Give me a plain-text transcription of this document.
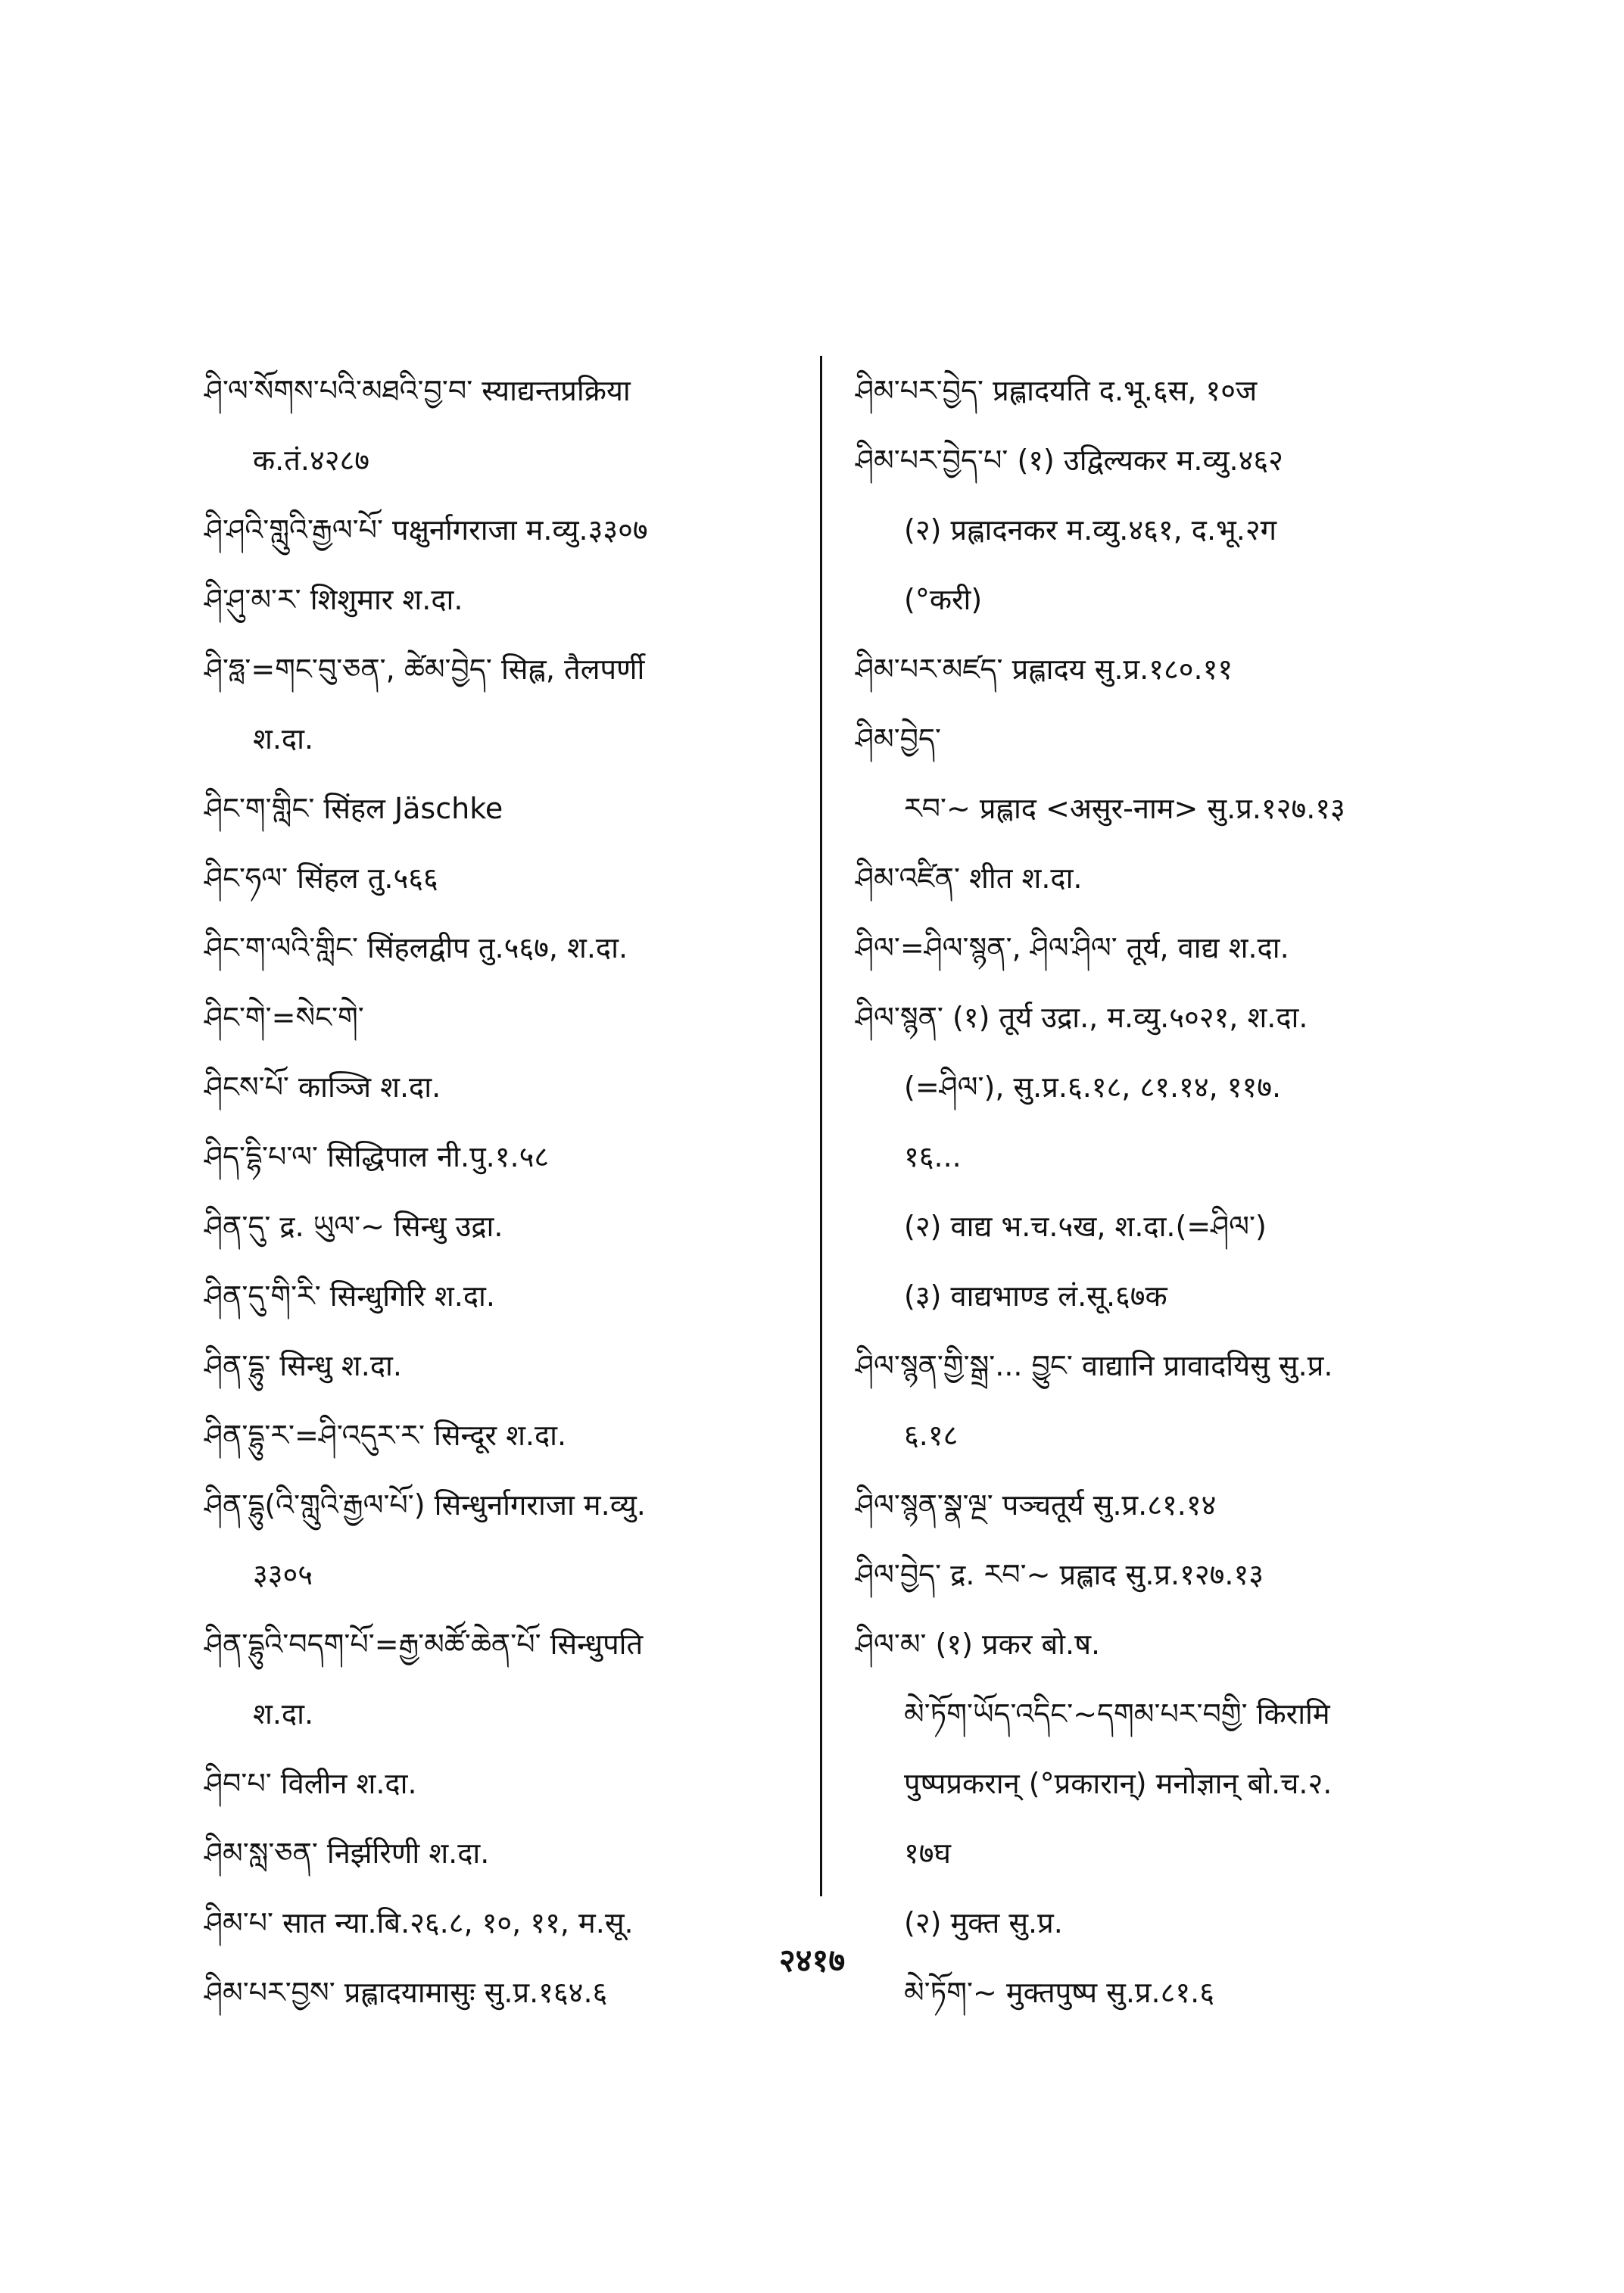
ཤི་ལ་སོགས་པའི་མཐའི་བྱ་བ་ स्याद्यन्तप्रक्रिया
क.तं.४२८७
ཤི་ཤའི་གླུའི་རྒྱལ་པོ་ पक्षुर्नागराजा म.व्यु.३३०७
ཤི་ཤུ་མ་ར་ शिशुमार श.दा.
ཤི་ཧླ་=གང་བུ་ཅན་, ཚེམ་བྱེད་ सिह्ल, तैलपर्णी
श.दा.
ཤིང་ག་གླིང་ सिंहल Jäschke
ཤིང་ཧལ་ सिंहल तु.५६६
ཤིང་ག་ལའི་གླིང་ सिंहलद्वीप तु.५६७, श.दा.
ཤིང་གེ་=སེང་གེ་
ཤིངས་པོ་ काञ्जि श.दा.
ཤིད་དྷི་པ་ལ་ सिद्धिपाल नी.पु.१.५८
ཤིན་དུ་ द्र. ཡུལ་~ सिन्धु उद्रा.
ཤིན་དུ་གི་རི་ सिन्धुगिरि श.दा.
ཤིན་དྷུ་ सिन्धु श.दा.
ཤིན་དྷུ་ར་=ཤི་འདུར་ར་ सिन्दूर श.दा.
ཤིན་དྷུ(འི་གླུའི་རྒྱལ་པོ་) सिन्धुर्नागराजा म.व्यु.
३३०५
ཤིན་དྷུའི་བདག་པོ་=རྒྱ་མཚོ་ཆེན་པོ་ सिन्धुपति
श.दा.
ཤིབ་པ་ विलीन श.दा.
ཤིམ་སླ་ཅན་ निर्झरिणी श.दा.
ཤིམ་པ་ सात न्या.बि.२६.८, १०, ११, म.सू.
ཤིམ་པར་བྱས་ प्रह्लादयामासुः सु.प्र.१६४.६
ཤིམ་པར་བྱེད་ प्रह्लादयति द.भू.६स, १०ज
ཤིམ་པར་བྱེད་པ་ (१) उद्विल्यकर म.व्यु.४६२
(२) प्रह्लादनकर म.व्यु.४६१, द.भू.२ग
(°करी)
ཤིམ་པར་མཛད་ प्रह्लादय सु.प्र.१८०.११
ཤིམ་བྱེད་
རབ་~ प्रह्लाद <असुर-नाम> सु.प्र.१२७.१३
ཤིམ་འཛིན་ शीत श.दा.
ཤིལ་=ཤིལ་སྙན་, ཤིལ་ཤིལ་ तूर्य, वाद्य श.दा.
ཤིལ་སྙན་ (१) तूर्य उद्रा., म.व्यु.५०२१, श.दा.
(=ཤིལ་), सु.प्र.६.१८, ८१.१४, ११७.
१६...
(२) वाद्य भ.च.५ख, श.दा.(=ཤིལ་)
(३) वाद्यभाण्ड लं.सू.६७क
ཤིལ་སྙན་གྱི་སྒྲ་... བྱུང་ वाद्यानि प्रावादयिसु सु.प्र.
६.१८
ཤིལ་སྙན་སྣ་ལྔ་ पञ्चतूर्य सु.प्र.८१.१४
ཤིལ་བྱེད་ द्र. རབ་~ प्रह्लाद सु.प्र.१२७.१३
ཤིལ་མ་ (१) प्रकर बो.ष.
མེ་ཏོག་ཡོད་འདིང་~དགམ་པར་བགྱི་ किरामि
पुष्पप्रकरान् (°प्रकारान्) मनोज्ञान् बो.च.२.
१७घ
(२) मुक्त सु.प्र.
མེ་ཏོག་~ मुक्तपुष्प सु.प्र.८१.६
२४१७
